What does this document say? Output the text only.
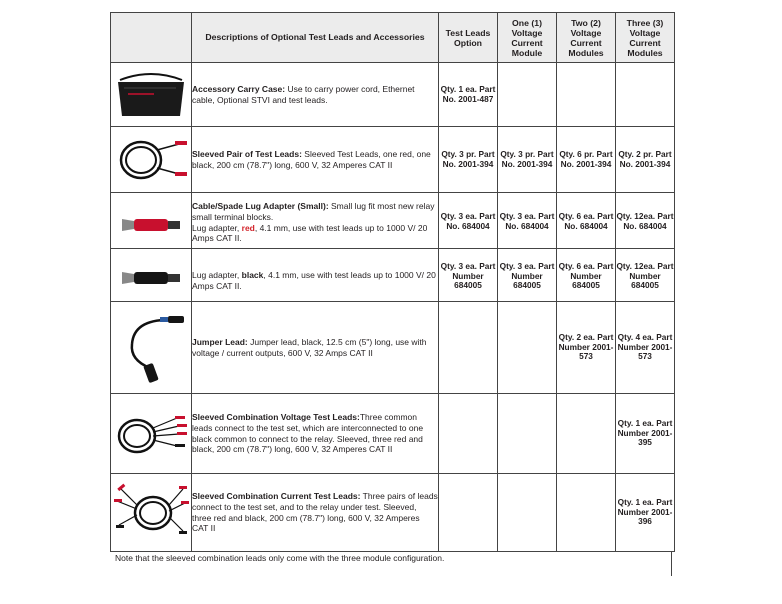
	Descriptions of Optional Test Leads and Accessories	Test Leads Option	One (1) Voltage Current Module	Two (2) Voltage Current Modules	Three (3) Voltage Current Modules

	Accessory Carry Case: Use to carry power cord, Ethernet cable, Optional STVI and test leads.	Qty. 1 ea. Part No. 2001-487			

	Sleeved Pair of Test Leads: Sleeved Test Leads, one red, one black, 200 cm (78.7") long, 600 V, 32 Amperes CAT II	Qty. 3 pr. Part No. 2001-394	Qty. 3 pr. Part No. 2001-394	Qty. 6 pr. Part No. 2001-394	Qty. 2 pr. Part No. 2001-394

Cable/Spade Lug Adapter (Small): Small lug fit most new relay small terminal blocks.
Lug adapter, red, 4.1 mm, use with test leads up to 1000 V/ 20 Amps CAT II.	Qty. 3 ea. Part No. 684004	Qty. 3 ea. Part No. 684004	Qty. 6 ea. Part No. 684004	Qty. 12ea. Part No. 684004

Lug adapter, black, 4.1 mm, use with test leads up to 1000 V/ 20 Amps CAT II.	Qty. 3 ea. Part Number 684005	Qty. 3 ea. Part Number 684005	Qty. 6 ea. Part Number 684005	Qty. 12ea. Part Number 684005

	Jumper Lead: Jumper lead, black, 12.5 cm (5") long, use with voltage / current outputs, 600 V, 32 Amps CAT II			Qty. 2 ea. Part Number 2001-573	Qty. 4 ea. Part Number 2001-573

	Sleeved Combination Voltage Test Leads:Three common leads connect to the test set, which are interconnected to one black common to connect to the relay. Sleeved, three red and black, 200 cm (78.7") long, 600 V, 32 Amperes CAT II				Qty. 1 ea. Part Number 2001-395

	Sleeved Combination Current Test Leads: Three pairs of leads connect to the test set, and to the relay under test. Sleeved, three red and black, 200 cm (78.7") long, 600 V, 32 Amperes CAT II				Qty. 1 ea. Part Number 2001-396
Note that the sleeved combination leads only come with the three module configuration.
